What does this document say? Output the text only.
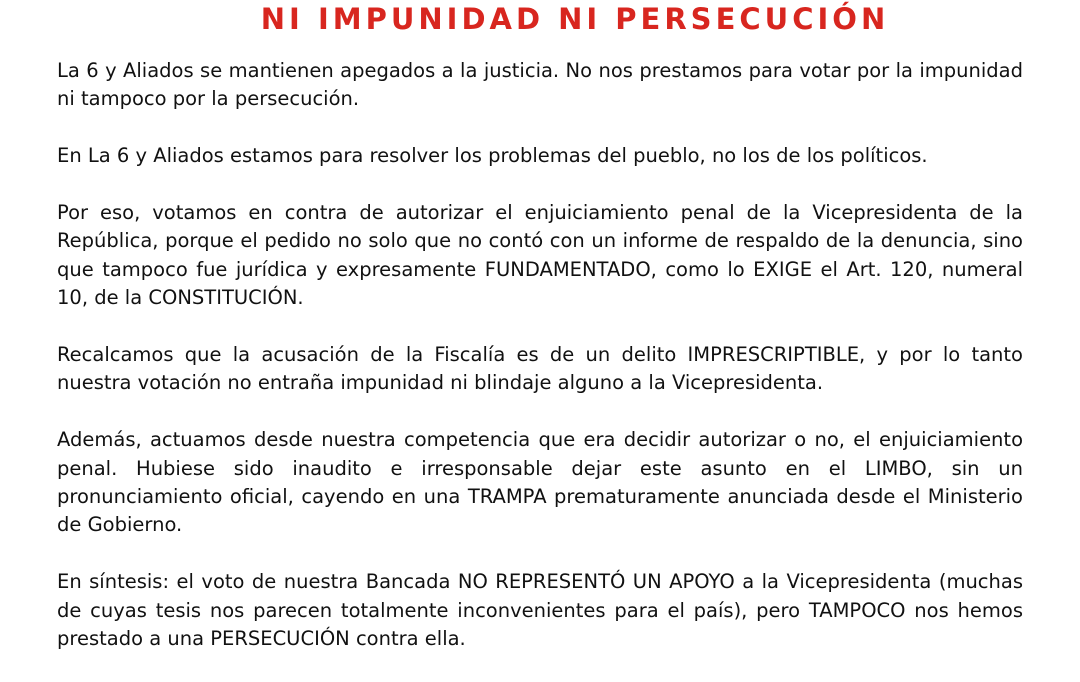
NI IMPUNIDAD NI PERSECUCIÓN

La 6 y Aliados se mantienen apegados a la justicia. No nos prestamos para votar por la impunidad ni tampoco por la persecución.

En La 6 y Aliados estamos para resolver los problemas del pueblo, no los de los políticos.

Por eso, votamos en contra de autorizar el enjuiciamiento penal de la Vicepresidenta de la República, porque el pedido no solo que no contó con un informe de respaldo de la denuncia, sino que tampoco fue jurídica y expresamente FUNDAMENTADO, como lo EXIGE el Art. 120, numeral 10, de la CONSTITUCIÓN.

Recalcamos que la acusación de la Fiscalía es de un delito IMPRESCRIPTIBLE, y por lo tanto nuestra votación no entraña impunidad ni blindaje alguno a la Vicepresidenta.

Además, actuamos desde nuestra competencia que era decidir autorizar o no, el enjuiciamiento penal. Hubiese sido inaudito e irresponsable dejar este asunto en el LIMBO, sin un pronunciamiento oficial, cayendo en una TRAMPA prematuramente anunciada desde el Ministerio de Gobierno.

En síntesis: el voto de nuestra Bancada NO REPRESENTÓ UN APOYO a la Vicepresidenta (muchas de cuyas tesis nos parecen totalmente inconvenientes para el país), pero TAMPOCO nos hemos prestado a una PERSECUCIÓN contra ella.
